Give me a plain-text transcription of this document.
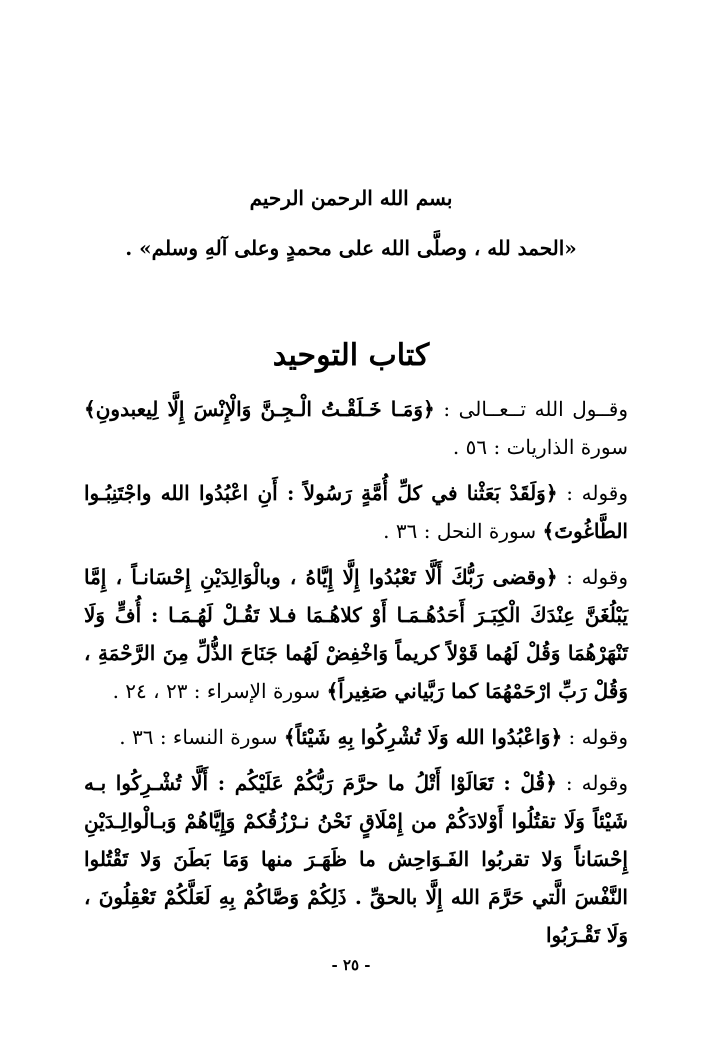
بسم الله الرحمن الرحيم
«الحمد لله ، وصلَّى الله على محمدٍ وعلى آلهِ وسلم» .
كتاب التوحيد

وقــول الله تــعــالى : ﴿وَمَـا خَـلَقْـتُ الْـجِـنَّ وَالْإِنْسَ إِلَّا لِيعبدونِ﴾ سورة الذاريات : ٥٦ .

وقوله : ﴿وَلَقَدْ بَعَثْنا في كلِّ أُمَّةٍ رَسُولاً : أَنِ اعْبُدُوا الله واجْتَنِبُـوا الطَّاغُوتَ﴾ سورة النحل : ٣٦ .

وقوله : ﴿وقضى رَبُّكَ أَلَّا تَعْبُدُوا إِلَّا إِيَّاهُ ، وبالْوَالِدَيْنِ إِحْسَانـاً ، إِمَّا يَبْلُغَنَّ عِنْدَكَ الْكِبَـرَ أَحَدُهُـمَـا أَوْ كلاهُـمَا فـلا تَقُـلْ لَهُـمَـا : أُفٍّ وَلَا تَنْهَرْهُمَا وَقُلْ لَهُما قَوْلاً كريماً وَاخْفِضْ لَهُما جَنَاحَ الذُّلِّ مِنَ الرَّحْمَةِ ، وَقُلْ رَبِّ ارْحَمْهُمَا كما رَبَّياني صَغِيراً﴾ سورة الإسراء : ٢٣ ، ٢٤ .

وقوله : ﴿وَاعْبُدُوا الله وَلَا تُشْرِكُوا بِهِ شَيْئاً﴾ سورة النساء : ٣٦ .

وقوله : ﴿قُلْ : تَعَالَوْا أَتْلُ ما حرَّمَ رَبُّكُمْ عَلَيْكُم : أَلَّا تُشْـرِكُوا بـه شَيْئاً وَلَا تقتُلُوا أَوْلادَكُمْ من إِمْلَاقٍ نَحْنُ نـرْزُقُكمْ وَإِيَّاهُمْ وَبـالْوالِـدَيْنِ إِحْسَاناً وَلا تقربُوا الفَـوَاحِش ما ظَهَـرَ منها وَمَا بَطَنَ وَلا تَقْتُلوا النَّفْسَ الَّتي حَرَّمَ الله إِلَّا بالحقِّ . ذَلِكُمْ وَصَّاكُمْ بِهِ لَعَلَّكُمْ تَعْقِلُونَ ، وَلَا تَقْـرَبُوا

- ٢٥ -
